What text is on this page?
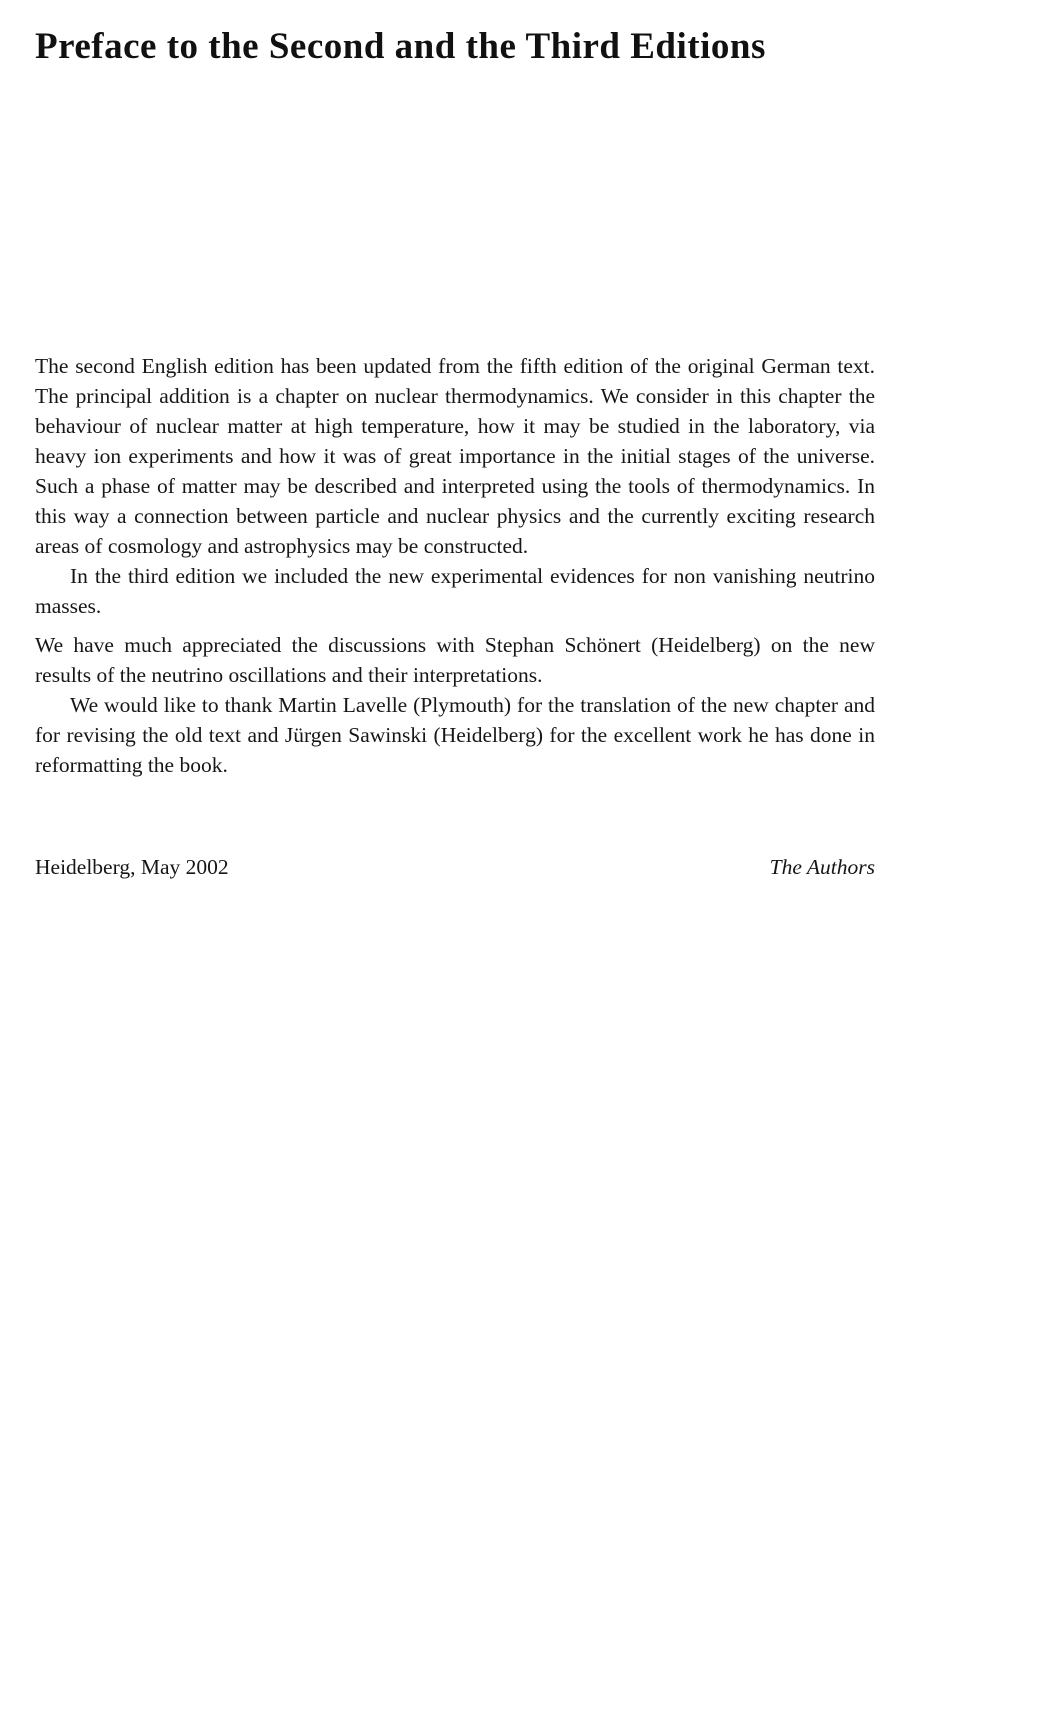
Preface to the Second and the Third Editions

The second English edition has been updated from the fifth edition of the original German text. The principal addition is a chapter on nuclear thermodynamics. We consider in this chapter the behaviour of nuclear matter at high temperature, how it may be studied in the laboratory, via heavy ion experiments and how it was of great importance in the initial stages of the universe. Such a phase of matter may be described and interpreted using the tools of thermodynamics. In this way a connection between particle and nuclear physics and the currently exciting research areas of cosmology and astrophysics may be constructed.

In the third edition we included the new experimental evidences for non vanishing neutrino masses.

We have much appreciated the discussions with Stephan Schönert (Heidelberg) on the new results of the neutrino oscillations and their interpretations.

We would like to thank Martin Lavelle (Plymouth) for the translation of the new chapter and for revising the old text and Jürgen Sawinski (Heidelberg) for the excellent work he has done in reformatting the book.

Heidelberg, May 2002	The Authors
